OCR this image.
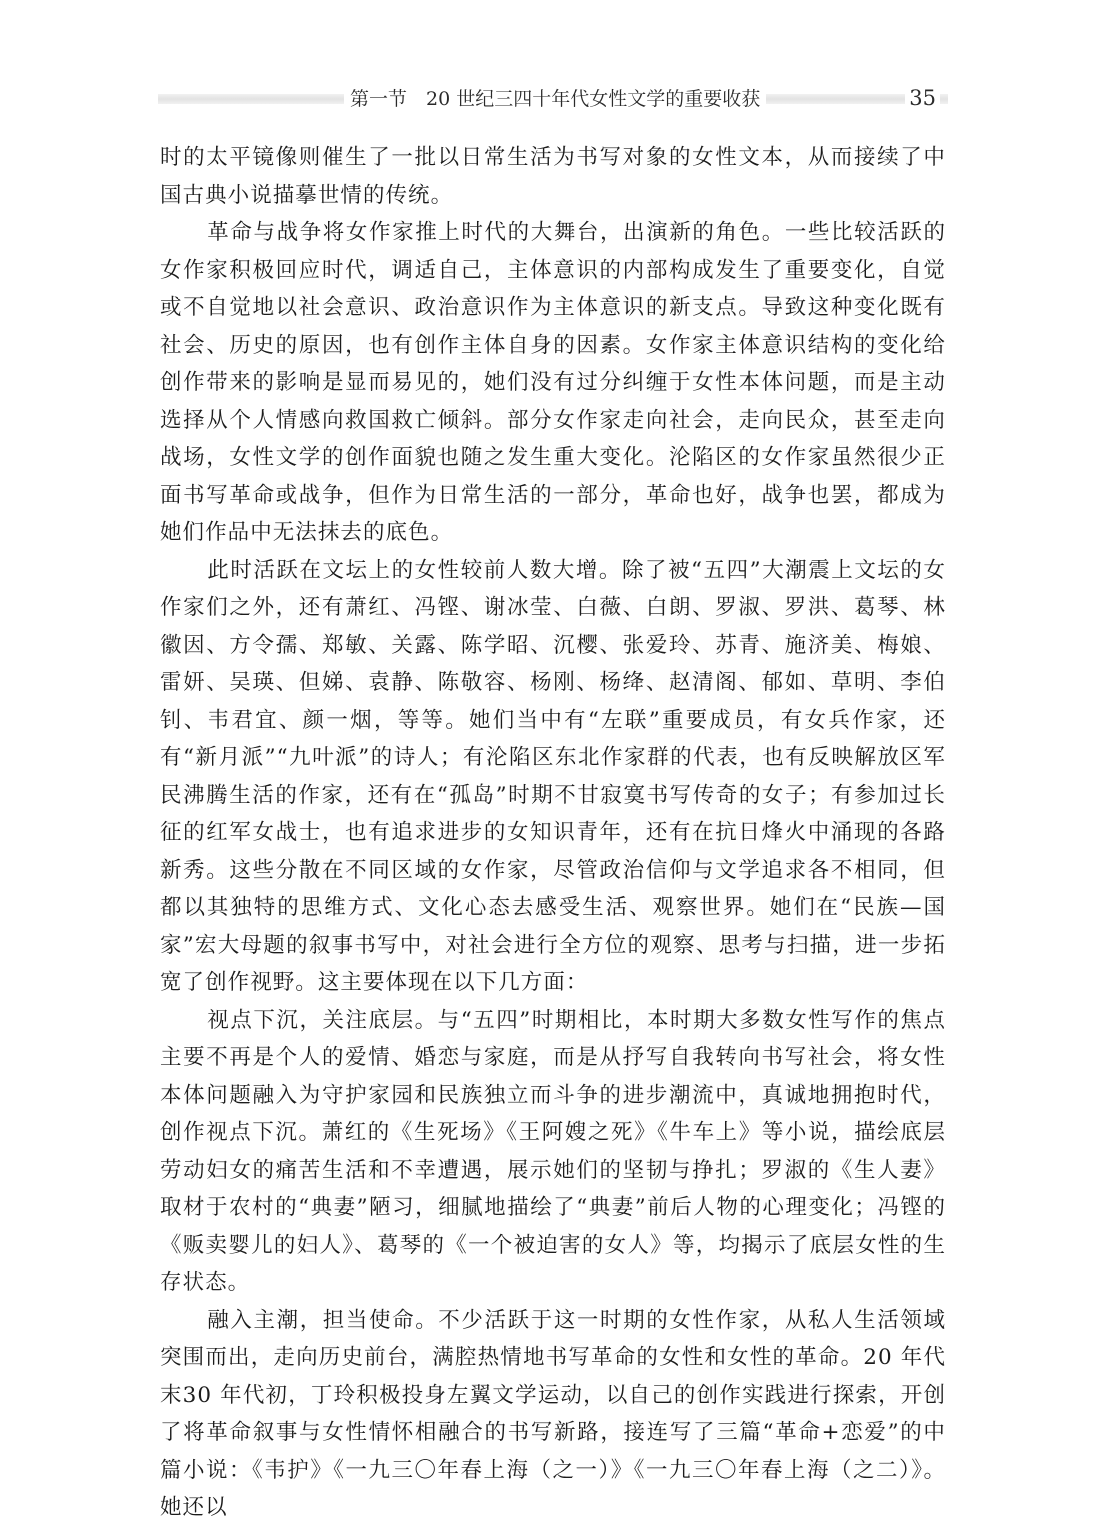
第一节　20 世纪三四十年代女性文学的重要收获	35

时的太平镜像则催生了一批以日常生活为书写对象的女性文本，从而接续了中国古典小说描摹世情的传统。

革命与战争将女作家推上时代的大舞台，出演新的角色。一些比较活跃的女作家积极回应时代，调适自己，主体意识的内部构成发生了重要变化，自觉或不自觉地以社会意识、政治意识作为主体意识的新支点。导致这种变化既有社会、历史的原因，也有创作主体自身的因素。女作家主体意识结构的变化给创作带来的影响是显而易见的，她们没有过分纠缠于女性本体问题，而是主动选择从个人情感向救国救亡倾斜。部分女作家走向社会，走向民众，甚至走向战场，女性文学的创作面貌也随之发生重大变化。沦陷区的女作家虽然很少正面书写革命或战争，但作为日常生活的一部分，革命也好，战争也罢，都成为她们作品中无法抹去的底色。

此时活跃在文坛上的女性较前人数大增。除了被“五四”大潮震上文坛的女作家们之外，还有萧红、冯铿、谢冰莹、白薇、白朗、罗淑、罗洪、葛琴、林徽因、方令孺、郑敏、关露、陈学昭、沉樱、张爱玲、苏青、施济美、梅娘、雷妍、吴瑛、但娣、袁静、陈敬容、杨刚、杨绛、赵清阁、郁如、草明、李伯钊、韦君宜、颜一烟，等等。她们当中有“左联”重要成员，有女兵作家，还有“新月派”“九叶派”的诗人；有沦陷区东北作家群的代表，也有反映解放区军民沸腾生活的作家，还有在“孤岛”时期不甘寂寞书写传奇的女子；有参加过长征的红军女战士，也有追求进步的女知识青年，还有在抗日烽火中涌现的各路新秀。这些分散在不同区域的女作家，尽管政治信仰与文学追求各不相同，但都以其独特的思维方式、文化心态去感受生活、观察世界。她们在“民族—国家”宏大母题的叙事书写中，对社会进行全方位的观察、思考与扫描，进一步拓宽了创作视野。这主要体现在以下几方面：

视点下沉，关注底层。与“五四”时期相比，本时期大多数女性写作的焦点主要不再是个人的爱情、婚恋与家庭，而是从抒写自我转向书写社会，将女性本体问题融入为守护家园和民族独立而斗争的进步潮流中，真诚地拥抱时代，创作视点下沉。萧红的《生死场》《王阿嫂之死》《牛车上》等小说，描绘底层劳动妇女的痛苦生活和不幸遭遇，展示她们的坚韧与挣扎；罗淑的《生人妻》取材于农村的“典妻”陋习，细腻地描绘了“典妻”前后人物的心理变化；冯铿的《贩卖婴儿的妇人》、葛琴的《一个被迫害的女人》等，均揭示了底层女性的生存状态。

融入主潮，担当使命。不少活跃于这一时期的女性作家，从私人生活领域突围而出，走向历史前台，满腔热情地书写革命的女性和女性的革命。20 年代末30 年代初，丁玲积极投身左翼文学运动，以自己的创作实践进行探索，开创了将革命叙事与女性情怀相融合的书写新路，接连写了三篇“革命+恋爱”的中篇小说：《韦护》《一九三〇年春上海（之一）》《一九三〇年春上海（之二）》。她还以
